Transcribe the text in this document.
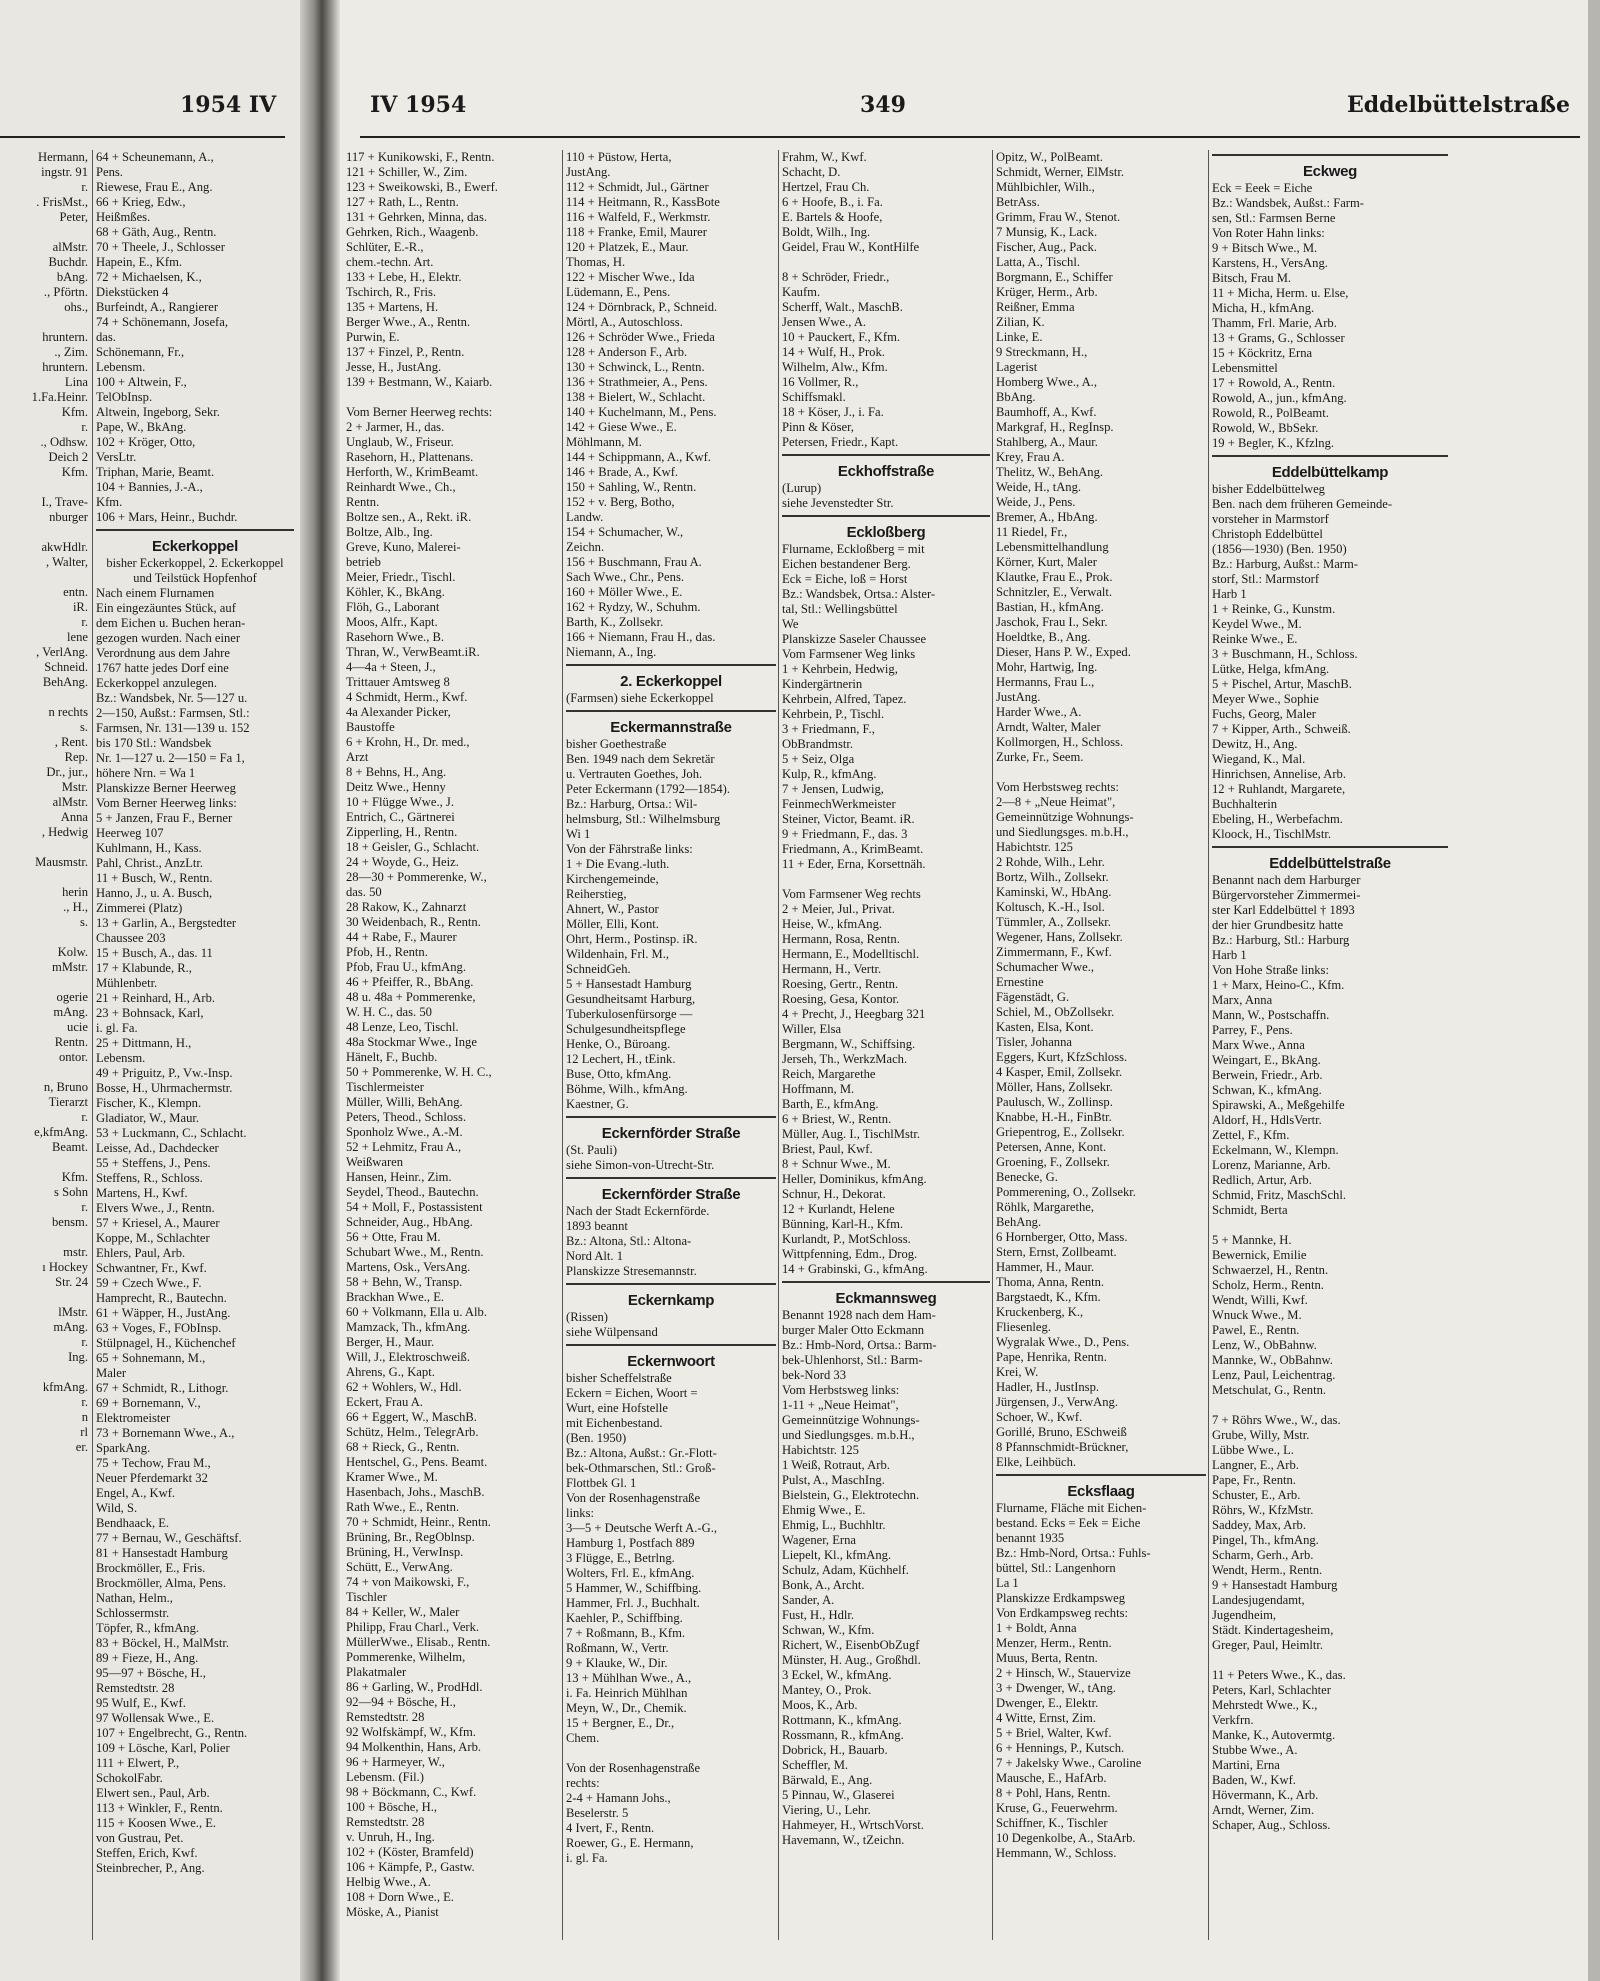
1954 IV
Hermann,
ingstr. 91
r.
. FrisMst.,
Peter,

alMstr.
Buchdr.
bAng.
., Pförtn.
ohs.,

hruntern.
., Zim.
hruntern.
Lina
1.Fa.Heinr.
Kfm.
r.
., Odhsw.
Deich 2
Kfm.

I., Trave-
nburger

akwHdlr.
, Walter,

entn.
iR.
r.
lene
, VerlAng.
Schneid.
BehAng.

n rechts
s.
, Rent.
Rep.
Dr., jur.,
Mstr.
alMstr.
Anna
, Hedwig

Mausmstr.

herin
., H.,
s.

Kolw.
mMstr.

ogerie
mAng.
ucie
Rentn.
ontor.

n, Bruno
Tierarzt
r.
e,kfmAng.
Beamt.

Kfm.
s Sohn
r.
bensm.

mstr.
ı Hockey
Str. 24

lMstr.
mAng.
r.
Ing.

kfmAng.
r.
n
rl
er.
64 + Scheunemann, A.,
Pens.
Riewese, Frau E., Ang.
66 + Krieg, Edw.,
Heißmßes.
68 + Gäth, Aug., Rentn.
70 + Theele, J., Schlosser
Hapein, E., Kfm.
72 + Michaelsen, K.,
Diekstücken 4
Burfeindt, A., Rangierer
74 + Schönemann, Josefa,
das.
Schönemann, Fr.,
Lebensm.
100 + Altwein, F.,
TelObInsp.
Altwein, Ingeborg, Sekr.
Pape, W., BkAng.
102 + Kröger, Otto,
VersLtr.
Triphan, Marie, Beamt.
104 + Bannies, J.-A.,
Kfm.
106 + Mars, Heinr., Buchdr.
Eckerkoppel
bisher Eckerkoppel, 2. Eckerkoppel und Teilstück Hopfenhof
Nach einem Flurnamen
Ein eingezäuntes Stück, auf
dem Eichen u. Buchen heran-
gezogen wurden. Nach einer
Verordnung aus dem Jahre
1767 hatte jedes Dorf eine
Eckerkoppel anzulegen.
Bz.: Wandsbek, Nr. 5—127 u.
2—150, Außst.: Farmsen, Stl.:
Farmsen, Nr. 131—139 u. 152
bis 170 Stl.: Wandsbek
Nr. 1—127 u. 2—150 = Fa 1,
höhere Nrn. = Wa 1
Planskizze Berner Heerweg
Vom Berner Heerweg links:
5 + Janzen, Frau F., Berner
Heerweg 107
Kuhlmann, H., Kass.
Pahl, Christ., AnzLtr.
11 + Busch, W., Rentn.
Hanno, J., u. A. Busch,
Zimmerei (Platz)
13 + Garlin, A., Bergstedter
Chaussee 203
15 + Busch, A., das. 11
17 + Klabunde, R.,
Mühlenbetr.
21 + Reinhard, H., Arb.
23 + Bohnsack, Karl,
i. gl. Fa.
25 + Dittmann, H.,
Lebensm.
49 + Priguitz, P., Vw.-Insp.
Bosse, H., Uhrmachermstr.
Fischer, K., Klempn.
Gladiator, W., Maur.
53 + Luckmann, C., Schlacht.
Leisse, Ad., Dachdecker
55 + Steffens, J., Pens.
Steffens, R., Schloss.
Martens, H., Kwf.
Elvers Wwe., J., Rentn.
57 + Kriesel, A., Maurer
Koppe, M., Schlachter
Ehlers, Paul, Arb.
Schwantner, Fr., Kwf.
59 + Czech Wwe., F.
Hamprecht, R., Bautechn.
61 + Wäpper, H., JustAng.
63 + Voges, F., FObInsp.
Stülpnagel, H., Küchenchef
65 + Sohnemann, M.,
Maler
67 + Schmidt, R., Lithogr.
69 + Bornemann, V.,
Elektromeister
73 + Bornemann Wwe., A.,
SparkAng.
75 + Techow, Frau M.,
Neuer Pferdemarkt 32
Engel, A., Kwf.
Wild, S.
Bendhaack, E.
77 + Bernau, W., Geschäftsf.
81 + Hansestadt Hamburg
Brockmöller, E., Fris.
Brockmöller, Alma, Pens.
Nathan, Helm.,
Schlossermstr.
Töpfer, R., kfmAng.
83 + Böckel, H., MalMstr.
89 + Fieze, H., Ang.
95—97 + Bösche, H.,
Remstedtstr. 28
95 Wulf, E., Kwf.
97 Wollensak Wwe., E.
107 + Engelbrecht, G., Rentn.
109 + Lösche, Karl, Polier
111 + Elwert, P.,
SchokolFabr.
Elwert sen., Paul, Arb.
113 + Winkler, F., Rentn.
115 + Koosen Wwe., E.
von Gustrau, Pet.
Steffen, Erich, Kwf.
Steinbrecher, P., Ang.
IV 1954	349	Eddelbüttelstraße
117 + Kunikowski, F., Rentn.
121 + Schiller, W., Zim.
123 + Sweikowski, B., Ewerf.
127 + Rath, L., Rentn.
131 + Gehrken, Minna, das.
Gehrken, Rich., Waagenb.
Schlüter, E.-R.,
chem.-techn. Art.
133 + Lebe, H., Elektr.
Tschirch, R., Fris.
135 + Martens, H.
Berger Wwe., A., Rentn.
Purwin, E.
137 + Finzel, P., Rentn.
Jesse, H., JustAng.
139 + Bestmann, W., Kaiarb.

Vom Berner Heerweg rechts:
2 + Jarmer, H., das.
Unglaub, W., Friseur.
Rasehorn, H., Plattenans.
Herforth, W., KrimBeamt.
Reinhardt Wwe., Ch.,
Rentn.
Boltze sen., A., Rekt. iR.
Boltze, Alb., Ing.
Greve, Kuno, Malerei-
betrieb
Meier, Friedr., Tischl.
Köhler, K., BkAng.
Flöh, G., Laborant
Moos, Alfr., Kapt.
Rasehorn Wwe., B.
Thran, W., VerwBeamt.iR.
4—4a + Steen, J.,
Trittauer Amtsweg 8
4 Schmidt, Herm., Kwf.
4a Alexander Picker,
Baustoffe
6 + Krohn, H., Dr. med.,
Arzt
8 + Behns, H., Ang.
Deitz Wwe., Henny
10 + Flügge Wwe., J.
Entrich, C., Gärtnerei
Zipperling, H., Rentn.
18 + Geisler, G., Schlacht.
24 + Woyde, G., Heiz.
28—30 + Pommerenke, W.,
das. 50
28 Rakow, K., Zahnarzt
30 Weidenbach, R., Rentn.
44 + Rabe, F., Maurer
Pfob, H., Rentn.
Pfob, Frau U., kfmAng.
46 + Pfeiffer, R., BbAng.
48 u. 48a + Pommerenke,
W. H. C., das. 50
48 Lenze, Leo, Tischl.
48a Stockmar Wwe., Inge
Hänelt, F., Buchb.
50 + Pommerenke, W. H. C.,
Tischlermeister
Müller, Willi, BehAng.
Peters, Theod., Schloss.
Sponholz Wwe., A.-M.
52 + Lehmitz, Frau A.,
Weißwaren
Hansen, Heinr., Zim.
Seydel, Theod., Bautechn.
54 + Moll, F., Postassistent
Schneider, Aug., HbAng.
56 + Otte, Frau M.
Schubart Wwe., M., Rentn.
Martens, Osk., VersAng.
58 + Behn, W., Transp.
Brackhan Wwe., E.
60 + Volkmann, Ella u. Alb.
Mamzack, Th., kfmAng.
Berger, H., Maur.
Will, J., Elektroschweiß.
Ahrens, G., Kapt.
62 + Wohlers, W., Hdl.
Eckert, Frau A.
66 + Eggert, W., MaschB.
Schütz, Helm., TelegrArb.
68 + Rieck, G., Rentn.
Hentschel, G., Pens. Beamt.
Kramer Wwe., M.
Hasenbach, Johs., MaschB.
Rath Wwe., E., Rentn.
70 + Schmidt, Heinr., Rentn.
Brüning, Br., RegOblnsp.
Brüning, H., VerwInsp.
Schütt, E., VerwAng.
74 + von Maikowski, F.,
Tischler
84 + Keller, W., Maler
Philipp, Frau Charl., Verk.
MüllerWwe., Elisab., Rentn.
Pommerenke, Wilhelm,
Plakatmaler
86 + Garling, W., ProdHdl.
92—94 + Bösche, H.,
Remstedtstr. 28
92 Wolfskämpf, W., Kfm.
94 Molkenthin, Hans, Arb.
96 + Harmeyer, W.,
Lebensm. (Fil.)
98 + Böckmann, C., Kwf.
100 + Bösche, H.,
Remstedtstr. 28
v. Unruh, H., Ing.
102 + (Köster, Bramfeld)
106 + Kämpfe, P., Gastw.
Helbig Wwe., A.
108 + Dorn Wwe., E.
Möske, A., Pianist
110 + Püstow, Herta,
JustAng.
112 + Schmidt, Jul., Gärtner
114 + Heitmann, R., KassBote
116 + Walfeld, F., Werkmstr.
118 + Franke, Emil, Maurer
120 + Platzek, E., Maur.
Thomas, H.
122 + Mischer Wwe., Ida
Lüdemann, E., Pens.
124 + Dörnbrack, P., Schneid.
Mörtl, A., Autoschloss.
126 + Schröder Wwe., Frieda
128 + Anderson F., Arb.
130 + Schwinck, L., Rentn.
136 + Strathmeier, A., Pens.
138 + Bielert, W., Schlacht.
140 + Kuchelmann, M., Pens.
142 + Giese Wwe., E.
Möhlmann, M.
144 + Schippmann, A., Kwf.
146 + Brade, A., Kwf.
150 + Sahling, W., Rentn.
152 + v. Berg, Botho,
Landw.
154 + Schumacher, W.,
Zeichn.
156 + Buschmann, Frau A.
Sach Wwe., Chr., Pens.
160 + Möller Wwe., E.
162 + Rydzy, W., Schuhm.
Barth, K., Zollsekr.
166 + Niemann, Frau H., das.
Niemann, A., Ing.
2. Eckerkoppel
(Farmsen) siehe Eckerkoppel
Eckermannstraße
bisher Goethestraße
Ben. 1949 nach dem Sekretär
u. Vertrauten Goethes, Joh.
Peter Eckermann (1792—1854).
Bz.: Harburg, Ortsa.: Wil-
helmsburg, Stl.: Wilhelmsburg
Wi 1
Von der Fährstraße links:
1 + Die Evang.-luth.
Kirchengemeinde,
Reiherstieg,
Ahnert, W., Pastor
Möller, Elli, Kont.
Ohrt, Herm., Postinsp. iR.
Wildenhain, Frl. M.,
SchneidGeh.
5 + Hansestadt Hamburg
Gesundheitsamt Harburg,
Tuberkulosenfürsorge —
Schulgesundheitspflege
Henke, O., Büroang.
12 Lechert, H., tEink.
Buse, Otto, kfmAng.
Böhme, Wilh., kfmAng.
Kaestner, G.
Eckernförder Straße
(St. Pauli)
siehe Simon-von-Utrecht-Str.
Eckernförder Straße
Nach der Stadt Eckernförde.
1893 beannt
Bz.: Altona, Stl.: Altona-
Nord Alt. 1
Planskizze Stresemannstr.
Eckernkamp
(Rissen)
siehe Wülpensand
Eckernwoort
bisher Scheffelstraße
Eckern = Eichen, Woort =
Wurt, eine Hofstelle
mit Eichenbestand.
(Ben. 1950)
Bz.: Altona, Außst.: Gr.-Flott-
bek-Othmarschen, Stl.: Groß-
Flottbek Gl. 1
Von der Rosenhagenstraße
links:
3—5 + Deutsche Werft A.-G.,
Hamburg 1, Postfach 889
3 Flügge, E., Betrlng.
Wolters, Frl. E., kfmAng.
5 Hammer, W., Schiffbing.
Hammer, Frl. J., Buchhalt.
Kaehler, P., Schiffbing.
7 + Roßmann, B., Kfm.
Roßmann, W., Vertr.
9 + Klauke, W., Dir.
13 + Mühlhan Wwe., A.,
i. Fa. Heinrich Mühlhan
Meyn, W., Dr., Chemik.
15 + Bergner, E., Dr.,
Chem.

Von der Rosenhagenstraße
rechts:
2-4 + Hamann Johs.,
Beselerstr. 5
4 Ivert, F., Rentn.
Roewer, G., E. Hermann,
i. gl. Fa.
Frahm, W., Kwf.
Schacht, D.
Hertzel, Frau Ch.
6 + Hoofe, B., i. Fa.
E. Bartels & Hoofe,
Boldt, Wilh., Ing.
Geidel, Frau W., KontHilfe

8 + Schröder, Friedr.,
Kaufm.
Scherff, Walt., MaschB.
Jensen Wwe., A.
10 + Pauckert, F., Kfm.
14 + Wulf, H., Prok.
Wilhelm, Alw., Kfm.
16 Vollmer, R.,
Schiffsmakl.
18 + Köser, J., i. Fa.
Pinn & Köser,
Petersen, Friedr., Kapt.
Eckhoffstraße
(Lurup)
siehe Jevenstedter Str.
Eckloßberg
Flurname, Eckloßberg = mit
Eichen bestandener Berg.
Eck = Eiche, loß = Horst
Bz.: Wandsbek, Ortsa.: Alster-
tal, Stl.: Wellingsbüttel
We
Planskizze Saseler Chaussee
Vom Farmsener Weg links
1 + Kehrbein, Hedwig,
Kindergärtnerin
Kehrbein, Alfred, Tapez.
Kehrbein, P., Tischl.
3 + Friedmann, F.,
ObBrandmstr.
5 + Seiz, Olga
Kulp, R., kfmAng.
7 + Jensen, Ludwig,
FeinmechWerkmeister
Steiner, Victor, Beamt. iR.
9 + Friedmann, F., das. 3
Friedmann, A., KrimBeamt.
11 + Eder, Erna, Korsettnäh.

Vom Farmsener Weg rechts
2 + Meier, Jul., Privat.
Heise, W., kfmAng.
Hermann, Rosa, Rentn.
Hermann, E., Modelltischl.
Hermann, H., Vertr.
Roesing, Gertr., Rentn.
Roesing, Gesa, Kontor.
4 + Precht, J., Heegbarg 321
Willer, Elsa
Bergmann, W., Schiffsing.
Jerseh, Th., WerkzMach.
Reich, Margarethe
Hoffmann, M.
Barth, E., kfmAng.
6 + Briest, W., Rentn.
Müller, Aug. I., TischlMstr.
Briest, Paul, Kwf.
8 + Schnur Wwe., M.
Heller, Dominikus, kfmAng.
Schnur, H., Dekorat.
12 + Kurlandt, Helene
Bünning, Karl-H., Kfm.
Kurlandt, P., MotSchloss.
Wittpfenning, Edm., Drog.
14 + Grabinski, G., kfmAng.
Eckmannsweg
Benannt 1928 nach dem Ham-
burger Maler Otto Eckmann
Bz.: Hmb-Nord, Ortsa.: Barm-
bek-Uhlenhorst, Stl.: Barm-
bek-Nord 33
Vom Herbstsweg links:
1-11 + „Neue Heimat",
Gemeinnützige Wohnungs-
und Siedlungsges. m.b.H.,
Habichtstr. 125
1 Weiß, Rotraut, Arb.
Pulst, A., MaschIng.
Bielstein, G., Elektrotechn.
Ehmig Wwe., E.
Ehmig, L., Buchhltr.
Wagener, Erna
Liepelt, Kl., kfmAng.
Schulz, Adam, Küchhelf.
Bonk, A., Archt.
Sander, A.
Fust, H., Hdlr.
Schwan, W., Kfm.
Richert, W., EisenbObZugf
Münster, H. Aug., Großhdl.
3 Eckel, W., kfmAng.
Mantey, O., Prok.
Moos, K., Arb.
Rottmann, K., kfmAng.
Rossmann, R., kfmAng.
Dobrick, H., Bauarb.
Scheffler, M.
Bärwald, E., Ang.
5 Pinnau, W., Glaserei
Viering, U., Lehr.
Hahmeyer, H., WrtschVorst.
Havemann, W., tZeichn.
Opitz, W., PolBeamt.
Schmidt, Werner, ElMstr.
Mühlbichler, Wilh.,
BetrAss.
Grimm, Frau W., Stenot.
7 Munsig, K., Lack.
Fischer, Aug., Pack.
Latta, A., Tischl.
Borgmann, E., Schiffer
Krüger, Herm., Arb.
Reißner, Emma
Zilian, K.
Linke, E.
9 Streckmann, H.,
Lagerist
Homberg Wwe., A.,
BbAng.
Baumhoff, A., Kwf.
Markgraf, H., RegInsp.
Stahlberg, A., Maur.
Krey, Frau A.
Thelitz, W., BehAng.
Weide, H., tAng.
Weide, J., Pens.
Bremer, A., HbAng.
11 Riedel, Fr.,
Lebensmittelhandlung
Körner, Kurt, Maler
Klautke, Frau E., Prok.
Schnitzler, E., Verwalt.
Bastian, H., kfmAng.
Jaschok, Frau I., Sekr.
Hoeldtke, B., Ang.
Dieser, Hans P. W., Exped.
Mohr, Hartwig, Ing.
Hermanns, Frau L.,
JustAng.
Harder Wwe., A.
Arndt, Walter, Maler
Kollmorgen, H., Schloss.
Zurke, Fr., Seem.

Vom Herbstsweg rechts:
2—8 + „Neue Heimat",
Gemeinnützige Wohnungs-
und Siedlungsges. m.b.H.,
Habichtstr. 125
2 Rohde, Wilh., Lehr.
Bortz, Wilh., Zollsekr.
Kaminski, W., HbAng.
Koltusch, K.-H., Isol.
Tümmler, A., Zollsekr.
Wegener, Hans, Zollsekr.
Zimmermann, F., Kwf.
Schumacher Wwe.,
Ernestine
Fägenstädt, G.
Schiel, M., ObZollsekr.
Kasten, Elsa, Kont.
Tisler, Johanna
Eggers, Kurt, KfzSchloss.
4 Kasper, Emil, Zollsekr.
Möller, Hans, Zollsekr.
Paulusch, W., Zollinsp.
Knabbe, H.-H., FinBtr.
Griepentrog, E., Zollsekr.
Petersen, Anne, Kont.
Groening, F., Zollsekr.
Benecke, G.
Pommerening, O., Zollsekr.
Röhlk, Margarethe,
BehAng.
6 Hornberger, Otto, Mass.
Stern, Ernst, Zollbeamt.
Hammer, H., Maur.
Thoma, Anna, Rentn.
Bargstaedt, K., Kfm.
Kruckenberg, K.,
Fliesenleg.
Wygralak Wwe., D., Pens.
Pape, Henrika, Rentn.
Krei, W.
Hadler, H., JustInsp.
Jürgensen, J., VerwAng.
Schoer, W., Kwf.
Gorillé, Bruno, ESchweiß
8 Pfannschmidt-Brückner,
Elke, Leihbüch.
Ecksflaag
Flurname, Fläche mit Eichen-
bestand. Ecks = Eek = Eiche
benannt 1935
Bz.: Hmb-Nord, Ortsa.: Fuhls-
büttel, Stl.: Langenhorn
La 1
Planskizze Erdkampsweg
Von Erdkampsweg rechts:
1 + Boldt, Anna
Menzer, Herm., Rentn.
Muus, Berta, Rentn.
2 + Hinsch, W., Stauervize
3 + Dwenger, W., tAng.
Dwenger, E., Elektr.
4 Witte, Ernst, Zim.
5 + Briel, Walter, Kwf.
6 + Hennings, P., Kutsch.
7 + Jakelsky Wwe., Caroline
Mausche, E., HafArb.
8 + Pohl, Hans, Rentn.
Kruse, G., Feuerwehrm.
Schiffner, K., Tischler
10 Degenkolbe, A., StaArb.
Hemmann, W., Schloss.
Eckweg
Eck = Eeek = Eiche
Bz.: Wandsbek, Außst.: Farm-
sen, Stl.: Farmsen Berne
Von Roter Hahn links:
9 + Bitsch Wwe., M.
Karstens, H., VersAng.
Bitsch, Frau M.
11 + Micha, Herm. u. Else,
Micha, H., kfmAng.
Thamm, Frl. Marie, Arb.
13 + Grams, G., Schlosser
15 + Köckritz, Erna
Lebensmittel
17 + Rowold, A., Rentn.
Rowold, A., jun., kfmAng.
Rowold, R., PolBeamt.
Rowold, W., BbSekr.
19 + Begler, K., Kfzlng.
Eddelbüttelkamp
bisher Eddelbüttelweg
Ben. nach dem früheren Gemeinde-
vorsteher in Marmstorf
Christoph Eddelbüttel
(1856—1930) (Ben. 1950)
Bz.: Harburg, Außst.: Marm-
storf, Stl.: Marmstorf
Harb 1
1 + Reinke, G., Kunstm.
Keydel Wwe., M.
Reinke Wwe., E.
3 + Buschmann, H., Schloss.
Lütke, Helga, kfmAng.
5 + Pischel, Artur, MaschB.
Meyer Wwe., Sophie
Fuchs, Georg, Maler
7 + Kipper, Arth., Schweiß.
Dewitz, H., Ang.
Wiegand, K., Mal.
Hinrichsen, Annelise, Arb.
12 + Ruhlandt, Margarete,
Buchhalterin
Ebeling, H., Werbefachm.
Kloock, H., TischlMstr.
Eddelbüttelstraße
Benannt nach dem Harburger
Bürgervorsteher Zimmermei-
ster Karl Eddelbüttel † 1893
der hier Grundbesitz hatte
Bz.: Harburg, Stl.: Harburg
Harb 1
Von Hohe Straße links:
1 + Marx, Heino-C., Kfm.
Marx, Anna
Mann, W., Postschaffn.
Parrey, F., Pens.
Marx Wwe., Anna
Weingart, E., BkAng.
Berwein, Friedr., Arb.
Schwan, K., kfmAng.
Spirawski, A., Meßgehilfe
Aldorf, H., HdlsVertr.
Zettel, F., Kfm.
Eckelmann, W., Klempn.
Lorenz, Marianne, Arb.
Redlich, Artur, Arb.
Schmid, Fritz, MaschSchl.
Schmidt, Berta

5 + Mannke, H.
Bewernick, Emilie
Schwaerzel, H., Rentn.
Scholz, Herm., Rentn.
Wendt, Willi, Kwf.
Wnuck Wwe., M.
Pawel, E., Rentn.
Lenz, W., ObBahnw.
Mannke, W., ObBahnw.
Lenz, Paul, Leichentrag.
Metschulat, G., Rentn.

7 + Röhrs Wwe., W., das.
Grube, Willy, Mstr.
Lübbe Wwe., L.
Langner, E., Arb.
Pape, Fr., Rentn.
Schuster, E., Arb.
Röhrs, W., KfzMstr.
Saddey, Max, Arb.
Pingel, Th., kfmAng.
Scharm, Gerh., Arb.
Wendt, Herm., Rentn.
9 + Hansestadt Hamburg
Landesjugendamt,
Jugendheim,
Städt. Kindertagesheim,
Greger, Paul, Heimltr.

11 + Peters Wwe., K., das.
Peters, Karl, Schlachter
Mehrstedt Wwe., K.,
Verkfrn.
Manke, K., Autovermtg.
Stubbe Wwe., A.
Martini, Erna
Baden, W., Kwf.
Hövermann, K., Arb.
Arndt, Werner, Zim.
Schaper, Aug., Schloss.
